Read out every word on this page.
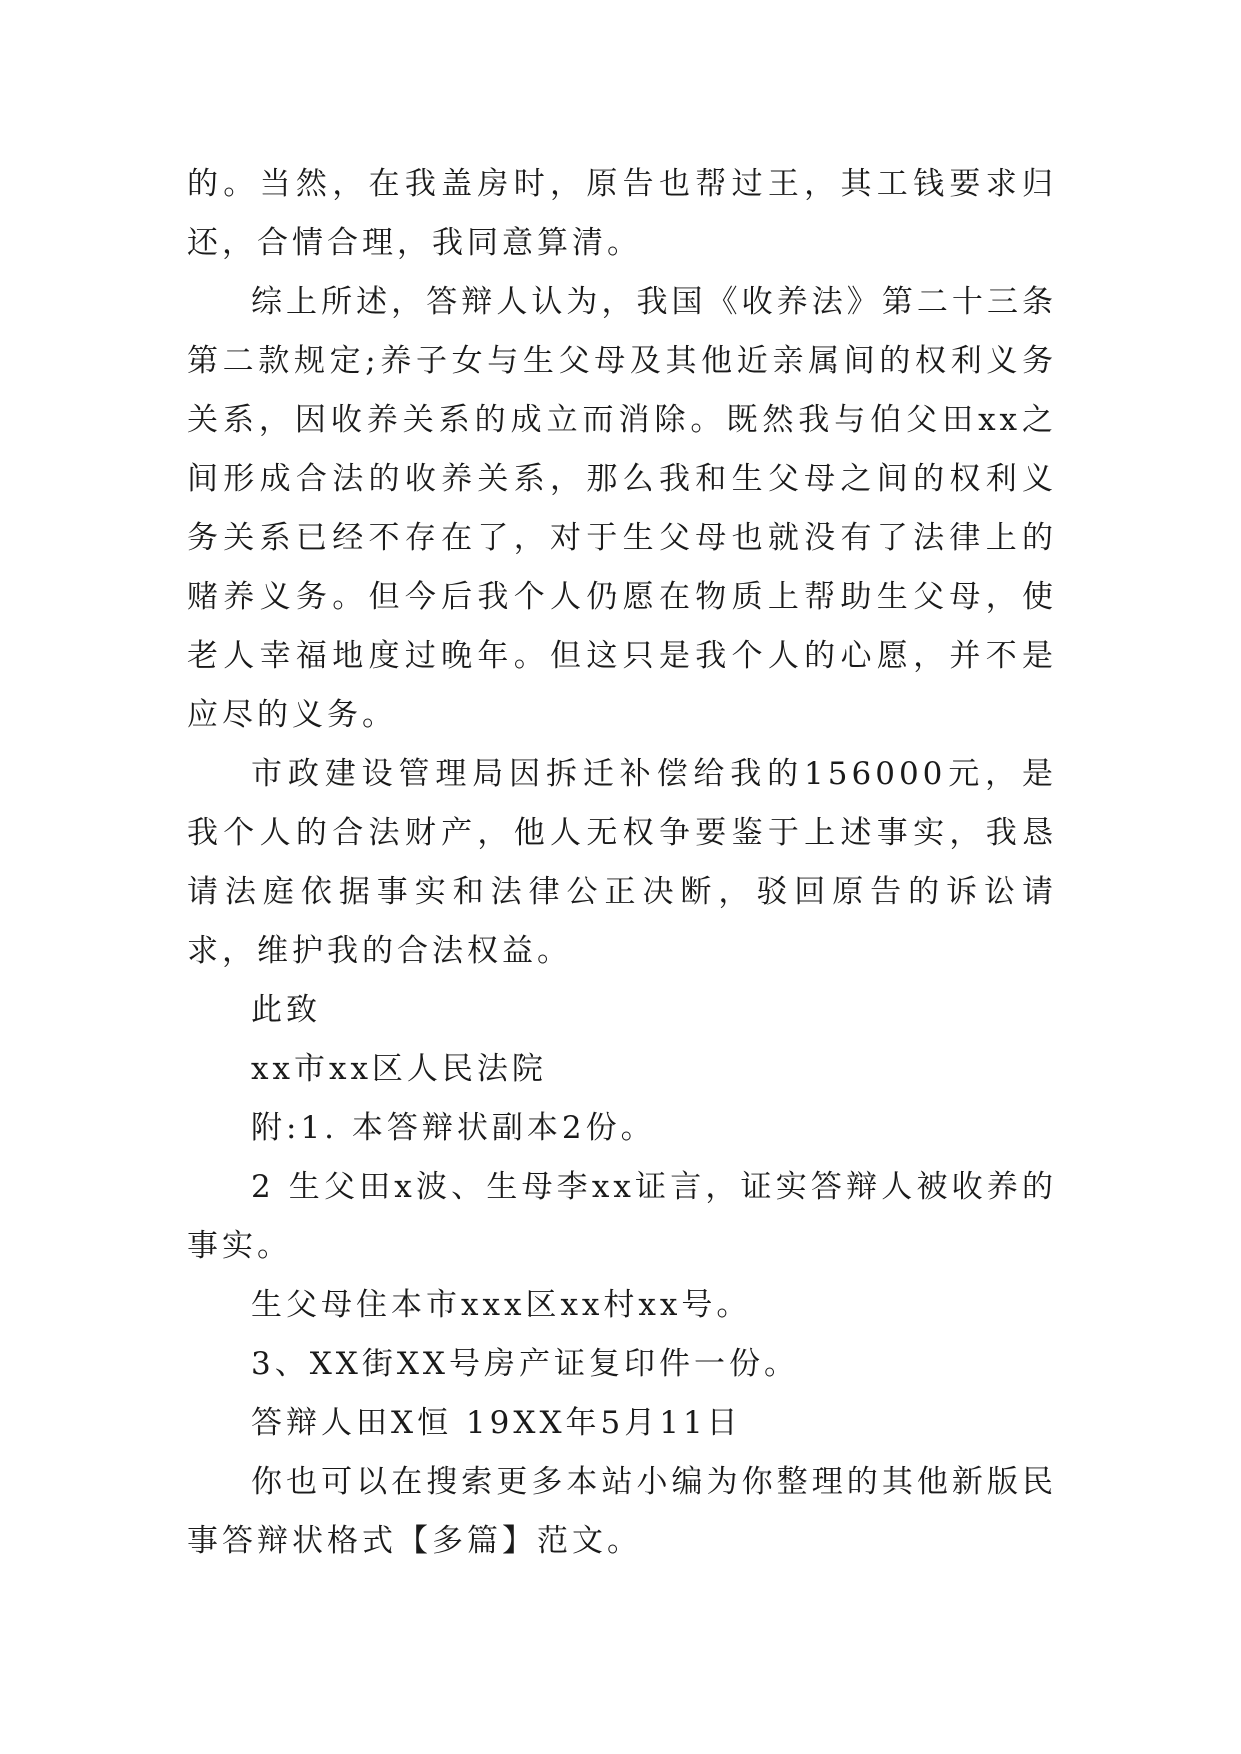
的。当然，在我盖房时，原告也帮过王，其工钱要求归还，合情合理，我同意算清。

综上所述，答辩人认为，我国《收养法》第二十三条第二款规定;养子女与生父母及其他近亲属间的权利义务关系，因收养关系的成立而消除。既然我与伯父田xx之间形成合法的收养关系，那么我和生父母之间的权利义务关系已经不存在了，对于生父母也就没有了法律上的赌养义务。但今后我个人仍愿在物质上帮助生父母，使老人幸福地度过晚年。但这只是我个人的心愿，并不是应尽的义务。

市政建设管理局因拆迁补偿给我的156000元，是我个人的合法财产，他人无权争要鉴于上述事实，我恳请法庭依据事实和法律公正决断，驳回原告的诉讼请求，维护我的合法权益。

此致

xx市xx区人民法院

附:1. 本答辩状副本2份。

2 生父田x波、生母李xx证言，证实答辩人被收养的事实。

生父母住本市xxx区xx村xx号。

3、XX街XX号房产证复印件一份。

答辩人田X恒 19XX年5月11日

你也可以在搜索更多本站小编为你整理的其他新版民事答辩状格式【多篇】范文。
